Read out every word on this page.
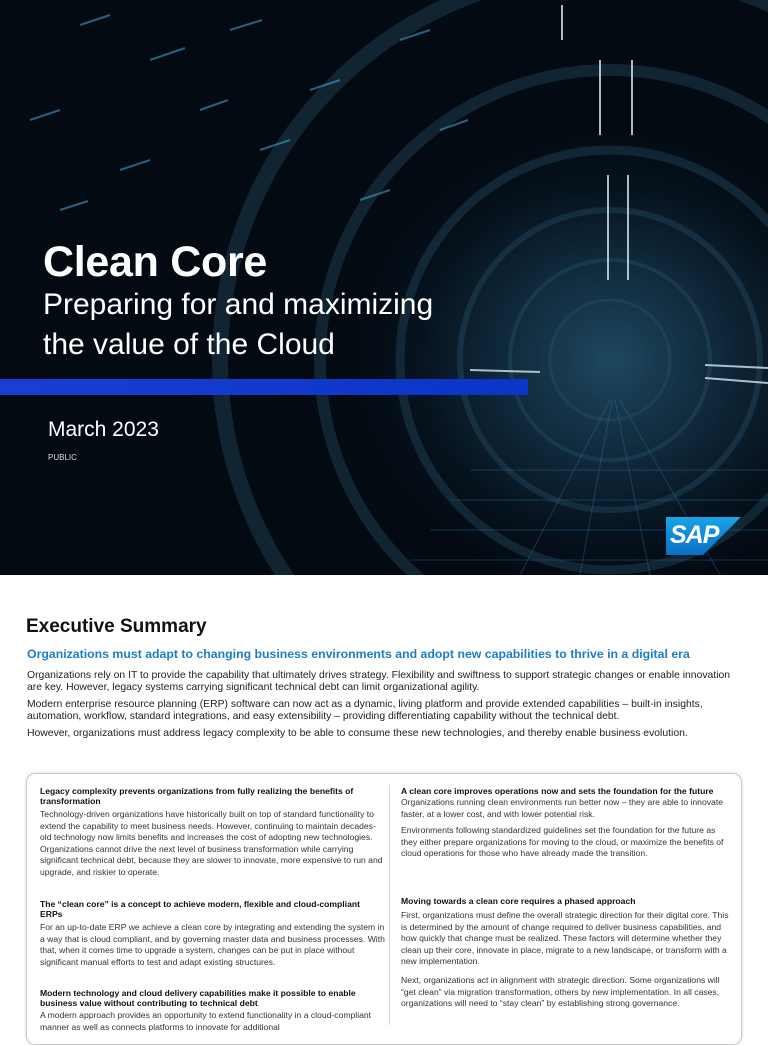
Clean Core
Preparing for and maximizing
the value of the Cloud
March 2023
PUBLIC
SAP
Executive Summary

Organizations must adapt to changing business environments and adopt new capabilities to thrive in a digital era

Organizations rely on IT to provide the capability that ultimately drives strategy. Flexibility and swiftness to support strategic changes or enable innovation are key. However, legacy systems carrying significant technical debt can limit organizational agility.

Modern enterprise resource planning (ERP) software can now act as a dynamic, living platform and provide extended capabilities – built-in insights, automation, workflow, standard integrations, and easy extensibility – providing differentiating capability without the technical debt.

However, organizations must address legacy complexity to be able to consume these new technologies, and thereby enable business evolution.

Legacy complexity prevents organizations from fully realizing the benefits of transformation

Technology-driven organizations have historically built on top of standard functionality to extend the capability to meet business needs. However, continuing to maintain decades-old technology now limits benefits and increases the cost of adopting new technologies. Organizations cannot drive the next level of business transformation while carrying significant technical debt, because they are slower to innovate, more expensive to run and upgrade, and riskier to operate.

The “clean core” is a concept to achieve modern, flexible and cloud-compliant ERPs

For an up-to-date ERP we achieve a clean core by integrating and extending the system in a way that is cloud compliant, and by governing master data and business processes. With that, when it comes time to upgrade a system, changes can be put in place without significant manual efforts to test and adapt existing structures.

Modern technology and cloud delivery capabilities make it possible to enable business value without contributing to technical debt

A modern approach provides an opportunity to extend functionality in a cloud-compliant manner as well as connects platforms to innovate for additional

A clean core improves operations now and sets the foundation for the future

Organizations running clean environments run better now – they are able to innovate faster, at a lower cost, and with lower potential risk.

Environments following standardized guidelines set the foundation for the future as they either prepare organizations for moving to the cloud, or maximize the benefits of cloud operations for those who have already made the transition.

Moving towards a clean core requires a phased approach

First, organizations must define the overall strategic direction for their digital core. This is determined by the amount of change required to deliver business capabilities, and how quickly that change must be realized. These factors will determine whether they clean up their core, innovate in place, migrate to a new landscape, or transform with a new implementation.

Next, organizations act in alignment with strategic direction. Some organizations will “get clean” via migration transformation, others by new implementation. In all cases, organizations will need to “stay clean” by establishing strong governance.
